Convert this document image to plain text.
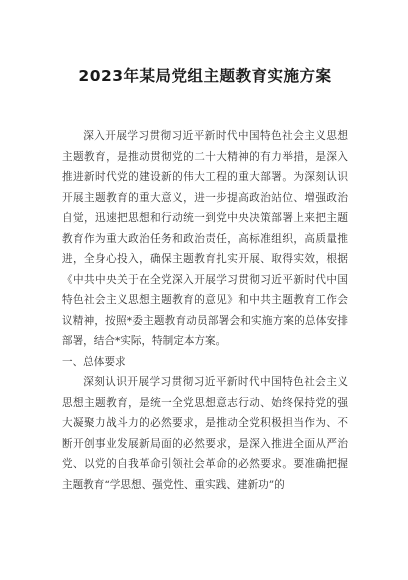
2023年某局党组主题教育实施方案

深入开展学习贯彻习近平新时代中国特色社会主义思想主题教育，是推动贯彻党的二十大精神的有力举措，是深入推进新时代党的建设新的伟大工程的重大部署。为深刻认识开展主题教育的重大意义，进一步提高政治站位、增强政治自觉，迅速把思想和行动统一到党中央决策部署上来把主题教育作为重大政治任务和政治责任，高标准组织，高质量推进，全身心投入，确保主题教育扎实开展、取得实效，根据《中共中央关于在全党深入开展学习贯彻习近平新时代中国特色社会主义思想主题教育的意见》和中共主题教育工作会议精神，按照*委主题教育动员部署会和实施方案的总体安排部署，结合*实际，特制定本方案。

一、总体要求

深刻认识开展学习贯彻习近平新时代中国特色社会主义思想主题教育，是统一全党思想意志行动、始终保持党的强大凝聚力战斗力的必然要求，是推动全党积极担当作为、不断开创事业发展新局面的必然要求，是深入推进全面从严治党、以党的自我革命引领社会革命的必然要求。要准确把握主题教育“学思想、强党性、重实践、建新功”的
